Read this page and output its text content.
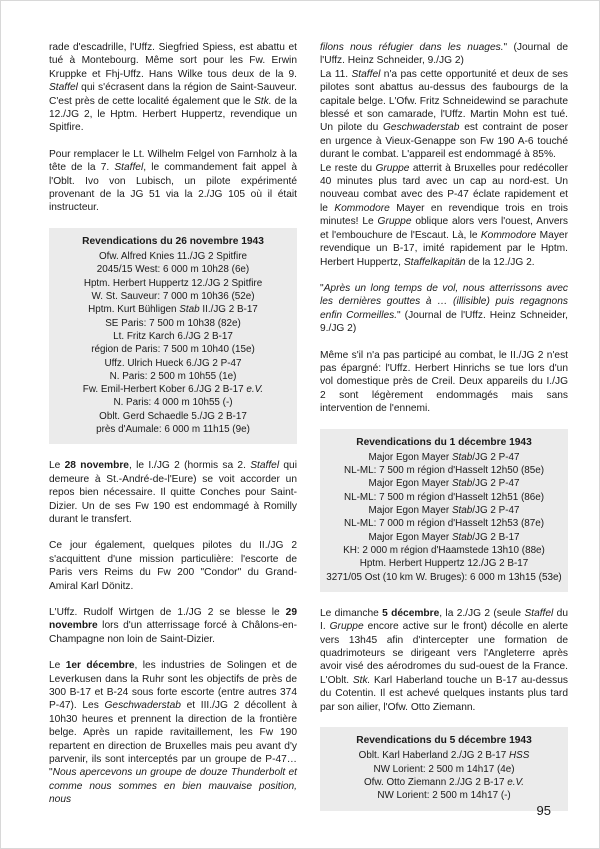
rade d'escadrille, l'Uffz. Siegfried Spiess, est abattu et tué à Montebourg. Même sort pour les Fw. Erwin Kruppke et Fhj-Uffz. Hans Wilke tous deux de la 9. Staffel qui s'écrasent dans la région de Saint-Sauveur. C'est près de cette localité également que le Stk. de la 12./JG 2, le Hptm. Herbert Huppertz, revendique un Spitfire.

Pour remplacer le Lt. Wilhelm Felgel von Farnholz à la tête de la 7. Staffel, le commandement fait appel à l'Oblt. Ivo von Lubisch, un pilote expérimenté provenant de la JG 51 via la 2./JG 105 où il était instructeur.

Revendications du 26 novembre 1943
Ofw. Alfred Knies 11./JG 2 Spitfire
2045/15 West: 6 000 m 10h28 (6e)
Hptm. Herbert Huppertz 12./JG 2 Spitfire
W. St. Sauveur: 7 000 m 10h36 (52e)
Hptm. Kurt Bühligen Stab II./JG 2 B-17
SE Paris: 7 500 m 10h38 (82e)
Lt. Fritz Karch 6./JG 2 B-17
région de Paris: 7 500 m 10h40 (15e)
Uffz. Ulrich Hueck 6./JG 2 P-47
N. Paris: 2 500 m 10h55 (1e)
Fw. Emil-Herbert Kober 6./JG 2 B-17 e.V.
N. Paris: 4 000 m 10h55 (-)
Oblt. Gerd Schaedle 5./JG 2 B-17
près d'Aumale: 6 000 m 11h15 (9e)

Le 28 novembre, le I./JG 2 (hormis sa 2. Staffel qui demeure à St.-André-de-l'Eure) se voit accorder un repos bien nécessaire. Il quitte Conches pour Saint-Dizier. Un de ses Fw 190 est endommagé à Romilly durant le transfert.

Ce jour également, quelques pilotes du II./JG 2 s'acquittent d'une mission particulière: l'escorte de Paris vers Reims du Fw 200 "Condor" du Grand-Amiral Karl Dönitz.

L'Uffz. Rudolf Wirtgen de 1./JG 2 se blesse le 29 novembre lors d'un atterrissage forcé à Châlons-en-Champagne non loin de Saint-Dizier.

Le 1er décembre, les industries de Solingen et de Leverkusen dans la Ruhr sont les objectifs de près de 300 B-17 et B-24 sous forte escorte (entre autres 374 P-47). Les Geschwaderstab et III./JG 2 décollent à 10h30 heures et prennent la direction de la frontière belge. Après un rapide ravitaillement, les Fw 190 repartent en direction de Bruxelles mais peu avant d'y parvenir, ils sont interceptés par un groupe de P-47… "Nous apercevons un groupe de douze Thunderbolt et comme nous sommes en bien mauvaise position, nous

filons nous réfugier dans les nuages." (Journal de l'Uffz. Heinz Schneider, 9./JG 2)

La 11. Staffel n'a pas cette opportunité et deux de ses pilotes sont abattus au-dessus des faubourgs de la capitale belge. L'Ofw. Fritz Schneidewind se parachute blessé et son camarade, l'Uffz. Martin Mohn est tué. Un pilote du Geschwaderstab est contraint de poser en urgence à Vieux-Genappe son Fw 190 A-6 touché durant le combat. L'appareil est endommagé à 85%.

Le reste du Gruppe atterrit à Bruxelles pour redécoller 40 minutes plus tard avec un cap au nord-est. Un nouveau combat avec des P-47 éclate rapidement et le Kommodore Mayer en revendique trois en trois minutes! Le Gruppe oblique alors vers l'ouest, Anvers et l'embouchure de l'Escaut. Là, le Kommodore Mayer revendique un B-17, imité rapidement par le Hptm. Herbert Huppertz, Staffelkapitän de la 12./JG 2.

"Après un long temps de vol, nous atterrissons avec les dernières gouttes à … (illisible) puis regagnons enfin Cormeilles." (Journal de l'Uffz. Heinz Schneider, 9./JG 2)

Même s'il n'a pas participé au combat, le II./JG 2 n'est pas épargné: l'Uffz. Herbert Hinrichs se tue lors d'un vol domestique près de Creil. Deux appareils du I./JG 2 sont légèrement endommagés mais sans intervention de l'ennemi.

Revendications du 1 décembre 1943
Major Egon Mayer Stab/JG 2 P-47
NL-ML: 7 500 m région d'Hasselt 12h50 (85e)
Major Egon Mayer Stab/JG 2 P-47
NL-ML: 7 500 m région d'Hasselt 12h51 (86e)
Major Egon Mayer Stab/JG 2 P-47
NL-ML: 7 000 m région d'Hasselt 12h53 (87e)
Major Egon Mayer Stab/JG 2 B-17
KH: 2 000 m région d'Haamstede 13h10 (88e)
Hptm. Herbert Huppertz 12./JG 2 B-17
3271/05 Ost (10 km W. Bruges): 6 000 m 13h15 (53e)

Le dimanche 5 décembre, la 2./JG 2 (seule Staffel du I. Gruppe encore active sur le front) décolle en alerte vers 13h45 afin d'intercepter une formation de quadrimoteurs se dirigeant vers l'Angleterre après avoir visé des aérodromes du sud-ouest de la France. L'Oblt. Stk. Karl Haberland touche un B-17 au-dessus du Cotentin. Il est achevé quelques instants plus tard par son ailier, l'Ofw. Otto Ziemann.

Revendications du 5 décembre 1943
Oblt. Karl Haberland 2./JG 2 B-17 HSS
NW Lorient: 2 500 m 14h17 (4e)
Ofw. Otto Ziemann 2./JG 2 B-17 e.V.
NW Lorient: 2 500 m 14h17 (-)
95
